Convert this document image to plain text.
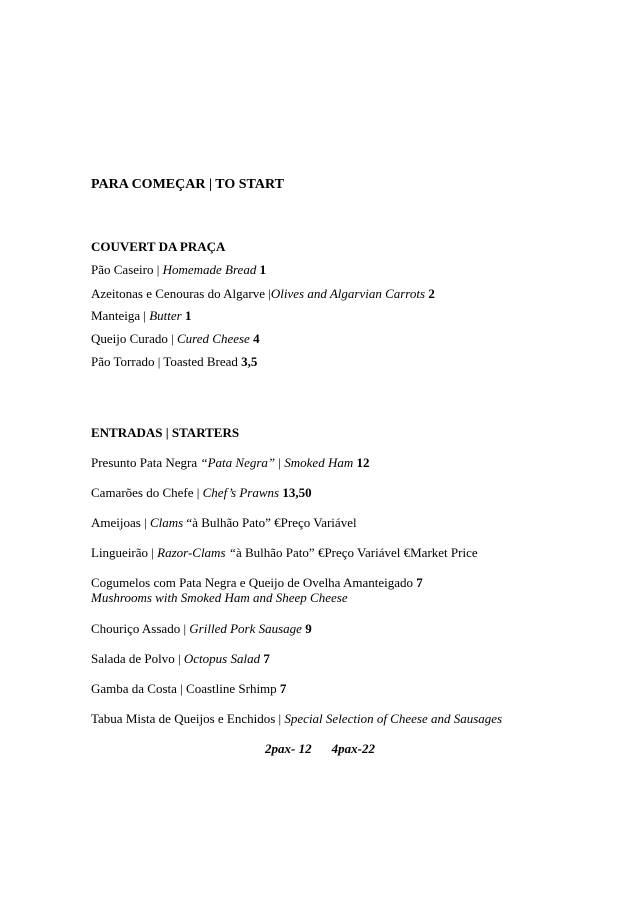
PARA COMEÇAR | TO START
COUVERT DA PRAÇA
Pão Caseiro | Homemade Bread 1
Azeitonas e Cenouras do Algarve |Olives and Algarvian Carrots 2
Manteiga | Butter 1
Queijo Curado | Cured Cheese 4
Pão Torrado | Toasted Bread 3,5
ENTRADAS | STARTERS
Presunto Pata Negra “Pata Negra” | Smoked Ham 12
Camarões do Chefe | Chef’s Prawns 13,50
Ameijoas | Clams “à Bulhão Pato” €Preço Variável
Lingueirão | Razor-Clams “à Bulhão Pato” €Preço Variável €Market Price
Cogumelos com Pata Negra e Queijo de Ovelha Amanteigado 7
Mushrooms with Smoked Ham and Sheep Cheese
Chouriço Assado | Grilled Pork Sausage 9
Salada de Polvo | Octopus Salad 7
Gamba da Costa | Coastline Srhimp 7
Tabua Mista de Queijos e Enchidos | Special Selection of Cheese and Sausages
2pax- 12 4pax-22
